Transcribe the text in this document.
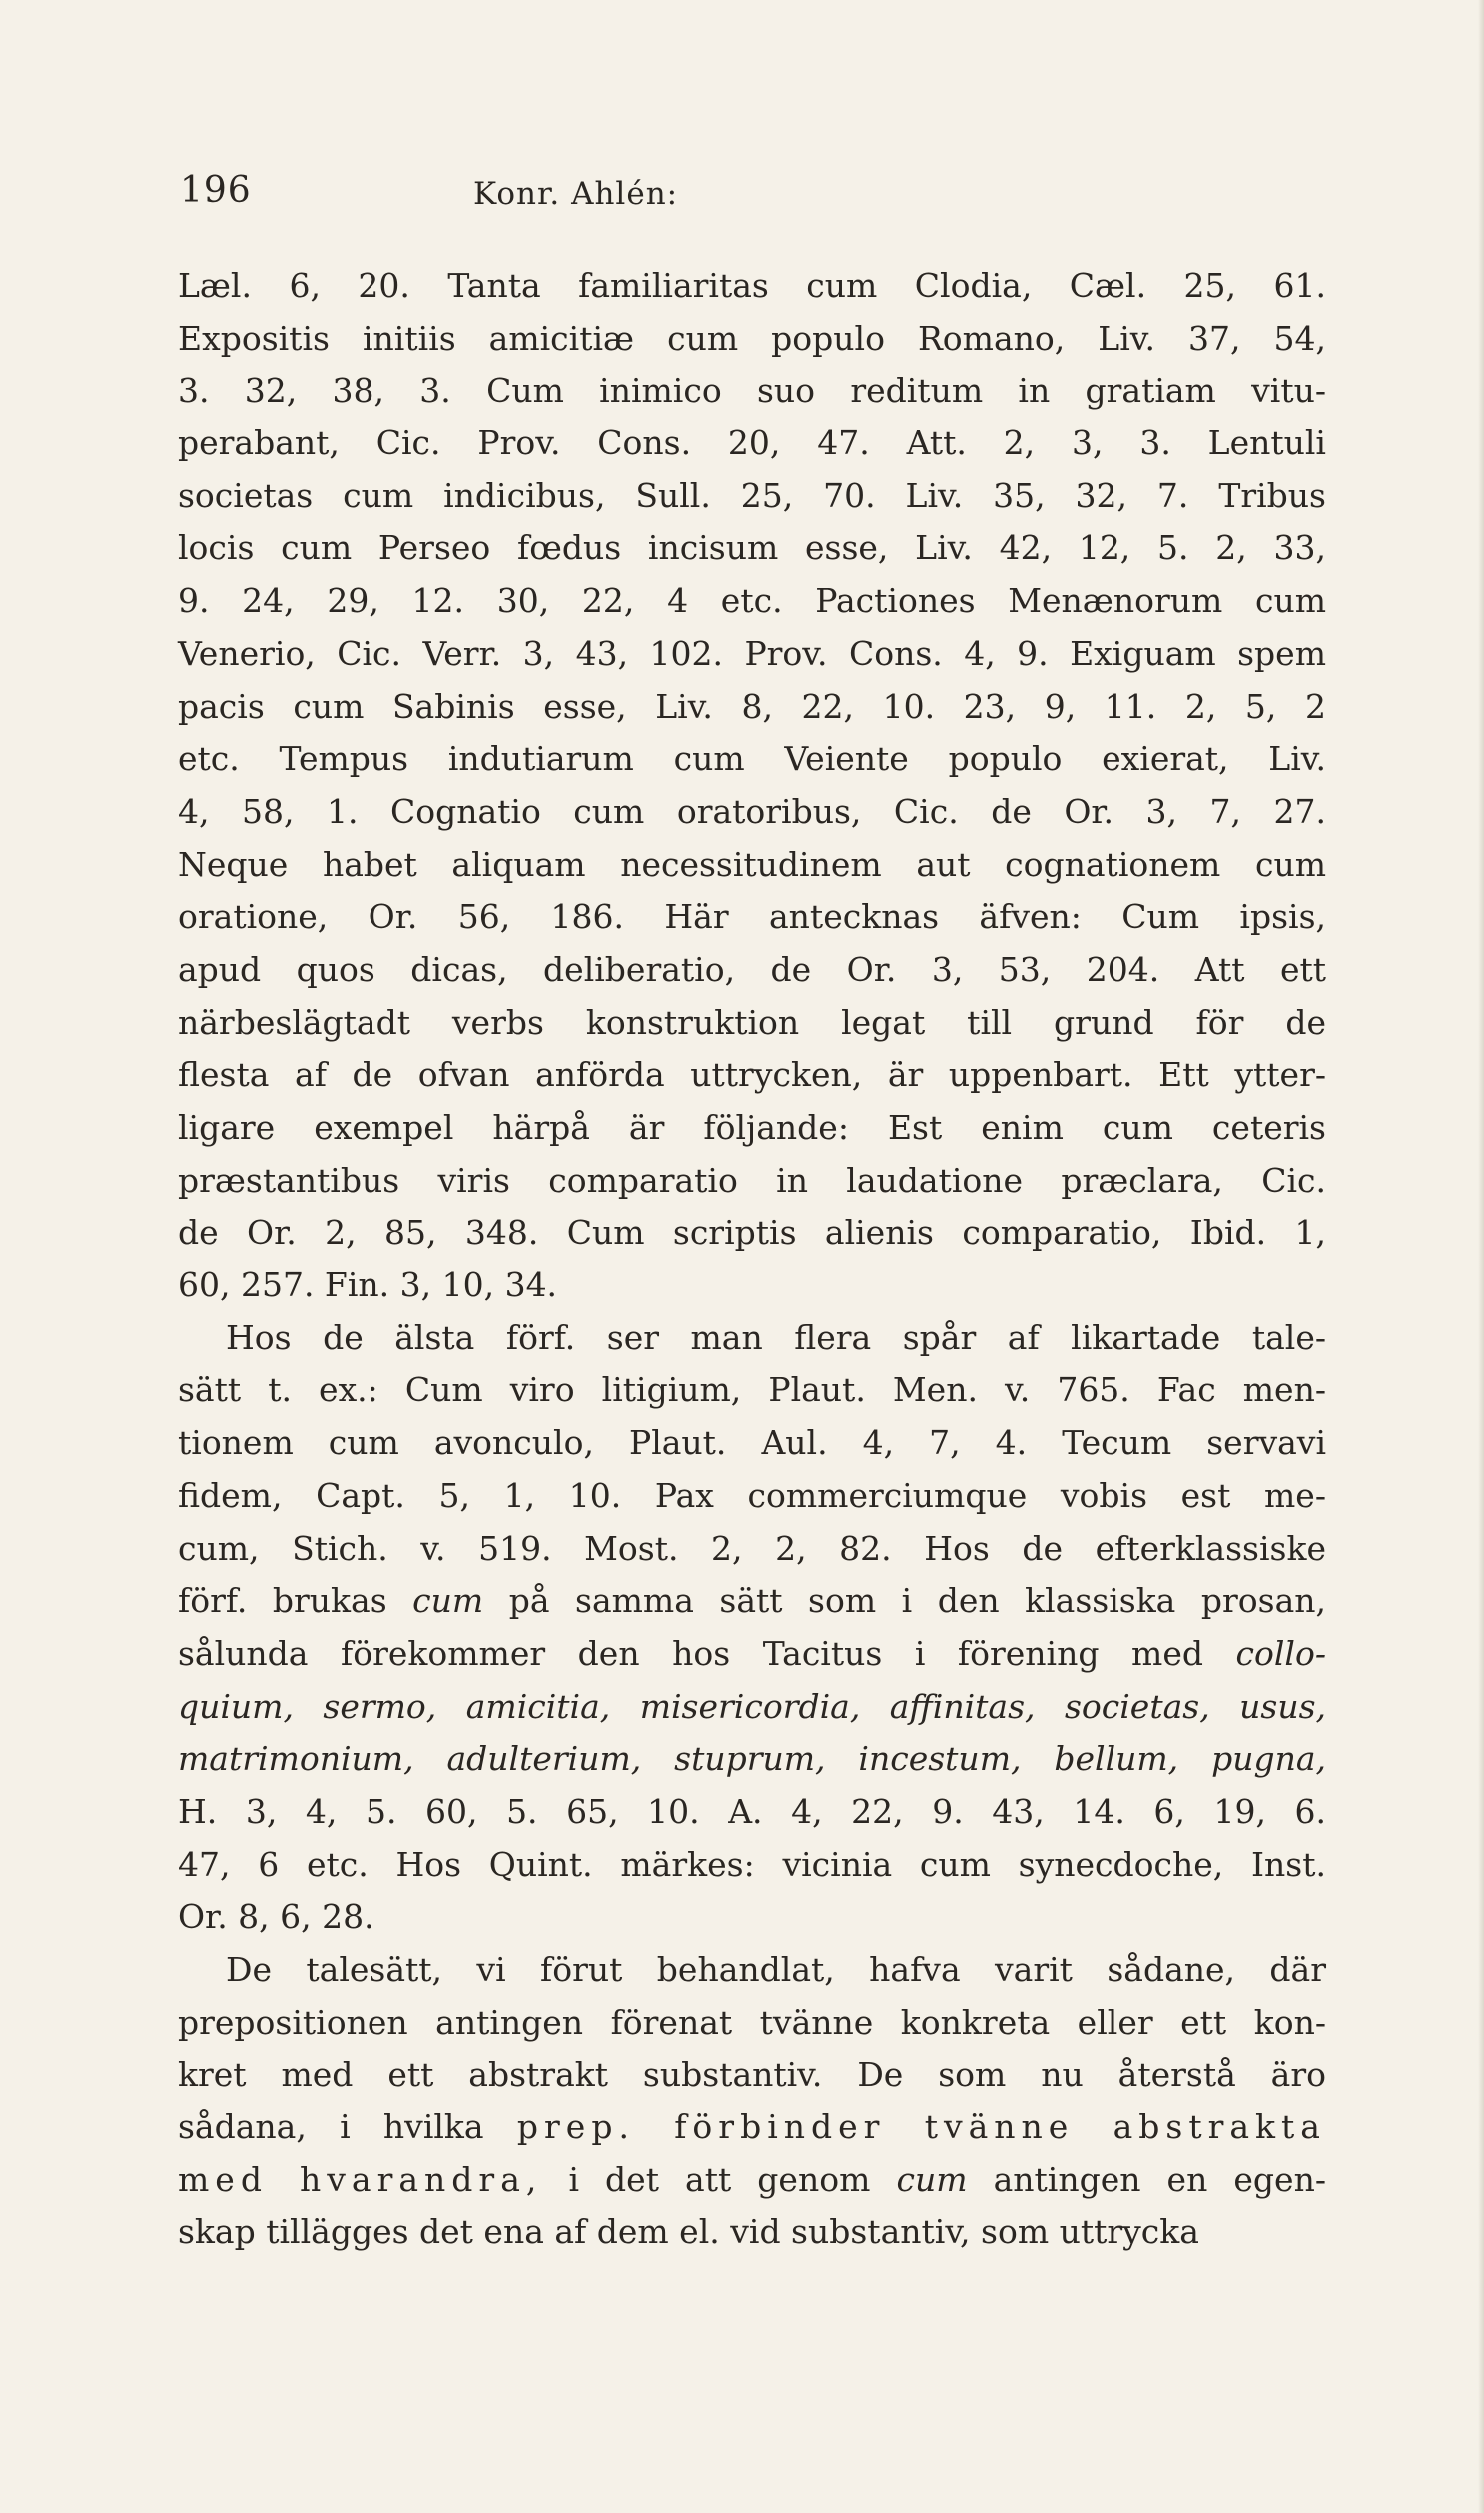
196	Konr. Ahlén:
Læl. 6, 20. Tanta familiaritas cum Clodia, Cæl. 25, 61.
Expositis initiis amicitiæ cum populo Romano, Liv. 37, 54,
3. 32, 38, 3. Cum inimico suo reditum in gratiam vitu-
perabant, Cic. Prov. Cons. 20, 47. Att. 2, 3, 3. Lentuli
societas cum indicibus, Sull. 25, 70. Liv. 35, 32, 7. Tribus
locis cum Perseo fœdus incisum esse, Liv. 42, 12, 5. 2, 33,
9. 24, 29, 12. 30, 22, 4 etc. Pactiones Menænorum cum
Venerio, Cic. Verr. 3, 43, 102. Prov. Cons. 4, 9. Exiguam spem
pacis cum Sabinis esse, Liv. 8, 22, 10. 23, 9, 11. 2, 5, 2
etc. Tempus indutiarum cum Veiente populo exierat, Liv.
4, 58, 1. Cognatio cum oratoribus, Cic. de Or. 3, 7, 27.
Neque habet aliquam necessitudinem aut cognationem cum
oratione, Or. 56, 186. Här antecknas äfven: Cum ipsis,
apud quos dicas, deliberatio, de Or. 3, 53, 204. Att ett
närbeslägtadt verbs konstruktion legat till grund för de
flesta af de ofvan anförda uttrycken, är uppenbart. Ett ytter-
ligare exempel härpå är följande: Est enim cum ceteris
præstantibus viris comparatio in laudatione præclara, Cic.
de Or. 2, 85, 348. Cum scriptis alienis comparatio, Ibid. 1,
60, 257. Fin. 3, 10, 34.
Hos de älsta förf. ser man flera spår af likartade tale-
sätt t. ex.: Cum viro litigium, Plaut. Men. v. 765. Fac men-
tionem cum avonculo, Plaut. Aul. 4, 7, 4. Tecum servavi
fidem, Capt. 5, 1, 10. Pax commerciumque vobis est me-
cum, Stich. v. 519. Most. 2, 2, 82. Hos de efterklassiske
förf. brukas cum på samma sätt som i den klassiska prosan,
sålunda förekommer den hos Tacitus i förening med collo-
quium, sermo, amicitia, misericordia, affinitas, societas, usus,
matrimonium, adulterium, stuprum, incestum, bellum, pugna,
H. 3, 4, 5. 60, 5. 65, 10. A. 4, 22, 9. 43, 14. 6, 19, 6.
47, 6 etc. Hos Quint. märkes: vicinia cum synecdoche, Inst.
Or. 8, 6, 28.
De talesätt, vi förut behandlat, hafva varit sådane, där
prepositionen antingen förenat tvänne konkreta eller ett kon-
kret med ett abstrakt substantiv. De som nu återstå äro
sådana, i hvilka prep. förbinder tvänne abstrakta
med hvarandra, i det att genom cum antingen en egen-
skap tillägges det ena af dem el. vid substantiv, som uttrycka
